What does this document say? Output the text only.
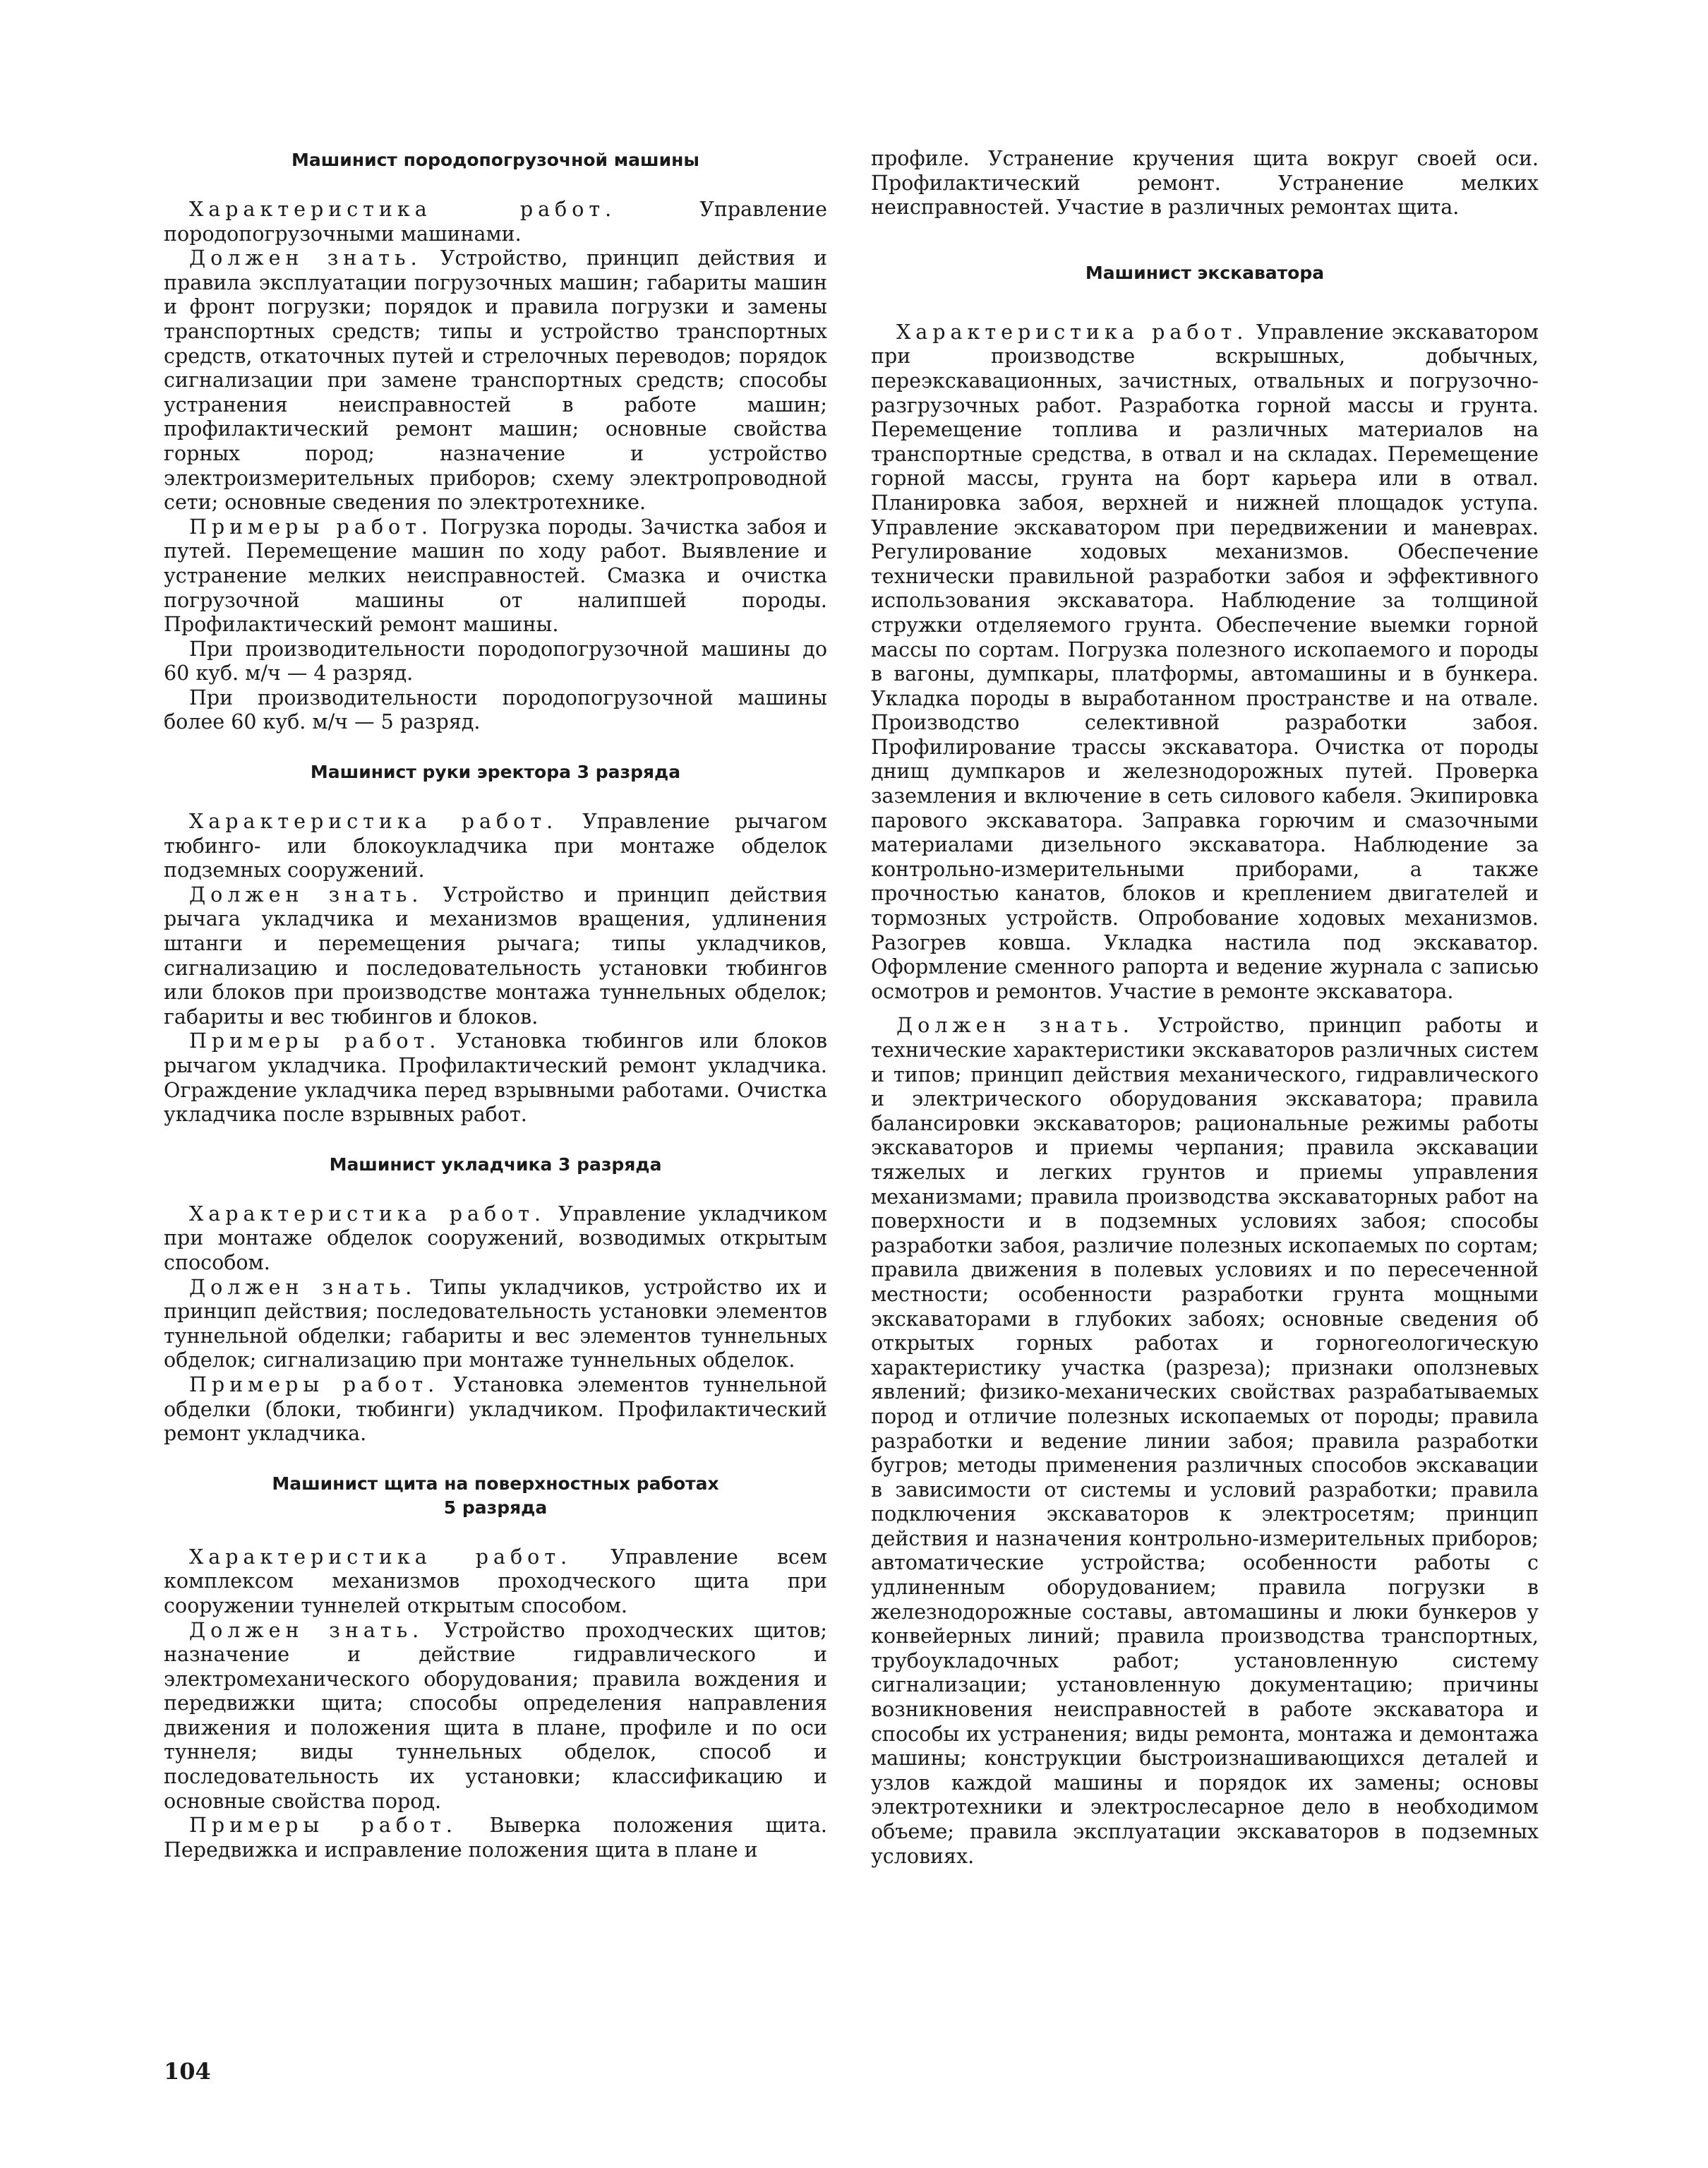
Машинист породопогрузочной машины

Характеристика работ. Управление породопогрузочными машинами.

Должен знать. Устройство, принцип действия и правила эксплуатации погрузочных машин; габариты машин и фронт погрузки; порядок и правила погрузки и замены транспортных средств; типы и устройство транспортных средств, откаточных путей и стрелочных переводов; порядок сигнализации при замене транспортных средств; способы устранения неисправностей в работе машин; профилактический ремонт машин; основные свойства горных пород; назначение и устройство электроизмерительных приборов; схему электропроводной сети; основные сведения по электротехнике.

Примеры работ. Погрузка породы. Зачистка забоя и путей. Перемещение машин по ходу работ. Выявление и устранение мелких неисправностей. Смазка и очистка погрузочной машины от налипшей породы. Профилактический ремонт машины.

При производительности породопогрузочной машины до 60 куб. м/ч — 4 разряд.

При производительности породопогрузочной машины более 60 куб. м/ч — 5 разряд.

Машинист руки эректора 3 разряда

Характеристика работ. Управление рычагом тюбинго- или блокоукладчика при монтаже обделок подземных сооружений.

Должен знать. Устройство и принцип действия рычага укладчика и механизмов вращения, удлинения штанги и перемещения рычага; типы укладчиков, сигнализацию и последовательность установки тюбингов или блоков при производстве монтажа туннельных обделок; габариты и вес тюбингов и блоков.

Примеры работ. Установка тюбингов или блоков рычагом укладчика. Профилактический ремонт укладчика. Ограждение укладчика перед взрывными работами. Очистка укладчика после взрывных работ.

Машинист укладчика 3 разряда

Характеристика работ. Управление укладчиком при монтаже обделок сооружений, возводимых открытым способом.

Должен знать. Типы укладчиков, устройство их и принцип действия; последовательность установки элементов туннельной обделки; габариты и вес элементов туннельных обделок; сигнализацию при монтаже туннельных обделок.

Примеры работ. Установка элементов туннельной обделки (блоки, тюбинги) укладчиком. Профилактический ремонт укладчика.

Машинист щита на поверхностных работах

5 разряда

Характеристика работ. Управление всем комплексом механизмов проходческого щита при сооружении туннелей открытым способом.

Должен знать. Устройство проходческих щитов; назначение и действие гидравлического и электромеханического оборудования; правила вождения и передвижки щита; способы определения направления движения и положения щита в плане, профиле и по оси туннеля; виды туннельных обделок, способ и последовательность их установки; классификацию и основные свойства пород.

Примеры работ. Выверка положения щита. Передвижка и исправление положения щита в плане и

профиле. Устранение кручения щита вокруг своей оси. Профилактический ремонт. Устранение мелких неисправностей. Участие в различных ремонтах щита.

Машинист экскаватора

Характеристика работ. Управление экскаватором при производстве вскрышных, добычных, переэкскавационных, зачистных, отвальных и погрузочно-разгрузочных работ. Разработка горной массы и грунта. Перемещение топлива и различных материалов на транспортные средства, в отвал и на складах. Перемещение горной массы, грунта на борт карьера или в отвал. Планировка забоя, верхней и нижней площадок уступа. Управление экскаватором при передвижении и маневрах. Регулирование ходовых механизмов. Обеспечение технически правильной разработки забоя и эффективного использования экскаватора. Наблюдение за толщиной стружки отделяемого грунта. Обеспечение выемки горной массы по сортам. Погрузка полезного ископаемого и породы в вагоны, думпкары, платформы, автомашины и в бункера. Укладка породы в выработанном пространстве и на отвале. Производство селективной разработки забоя. Профилирование трассы экскаватора. Очистка от породы днищ думпкаров и железнодорожных путей. Проверка заземления и включение в сеть силового кабеля. Экипировка парового экскаватора. Заправка горючим и смазочными материалами дизельного экскаватора. Наблюдение за контрольно-измерительными приборами, а также прочностью канатов, блоков и креплением двигателей и тормозных устройств. Опробование ходовых механизмов. Разогрев ковша. Укладка настила под экскаватор. Оформление сменного рапорта и ведение журнала с записью осмотров и ремонтов. Участие в ремонте экскаватора.

Должен знать. Устройство, принцип работы и технические характеристики экскаваторов различных систем и типов; принцип действия механического, гидравлического и электрического оборудования экскаватора; правила балансировки экскаваторов; рациональные режимы работы экскаваторов и приемы черпания; правила экскавации тяжелых и легких грунтов и приемы управления механизмами; правила производства экскаваторных работ на поверхности и в подземных условиях забоя; способы разработки забоя, различие полезных ископаемых по сортам; правила движения в полевых условиях и по пересеченной местности; особенности разработки грунта мощными экскаваторами в глубоких забоях; основные сведения об открытых горных работах и горногеологическую характеристику участка (разреза); признаки оползневых явлений; физико-механических свойствах разрабатываемых пород и отличие полезных ископаемых от породы; правила разработки и ведение линии забоя; правила разработки бугров; методы применения различных способов экскавации в зависимости от системы и условий разработки; правила подключения экскаваторов к электросетям; принцип действия и назначения контрольно-измерительных приборов; автоматические устройства; особенности работы с удлиненным оборудованием; правила погрузки в железнодорожные составы, автомашины и люки бункеров у конвейерных линий; правила производства транспортных, трубоукладочных работ; установленную систему сигнализации; установленную документацию; причины возникновения неисправностей в работе экскаватора и способы их устранения; виды ремонта, монтажа и демонтажа машины; конструкции быстроизнашивающихся деталей и узлов каждой машины и порядок их замены; основы электротехники и электрослесарное дело в необходимом объеме; правила эксплуатации экскаваторов в подземных условиях.

104
